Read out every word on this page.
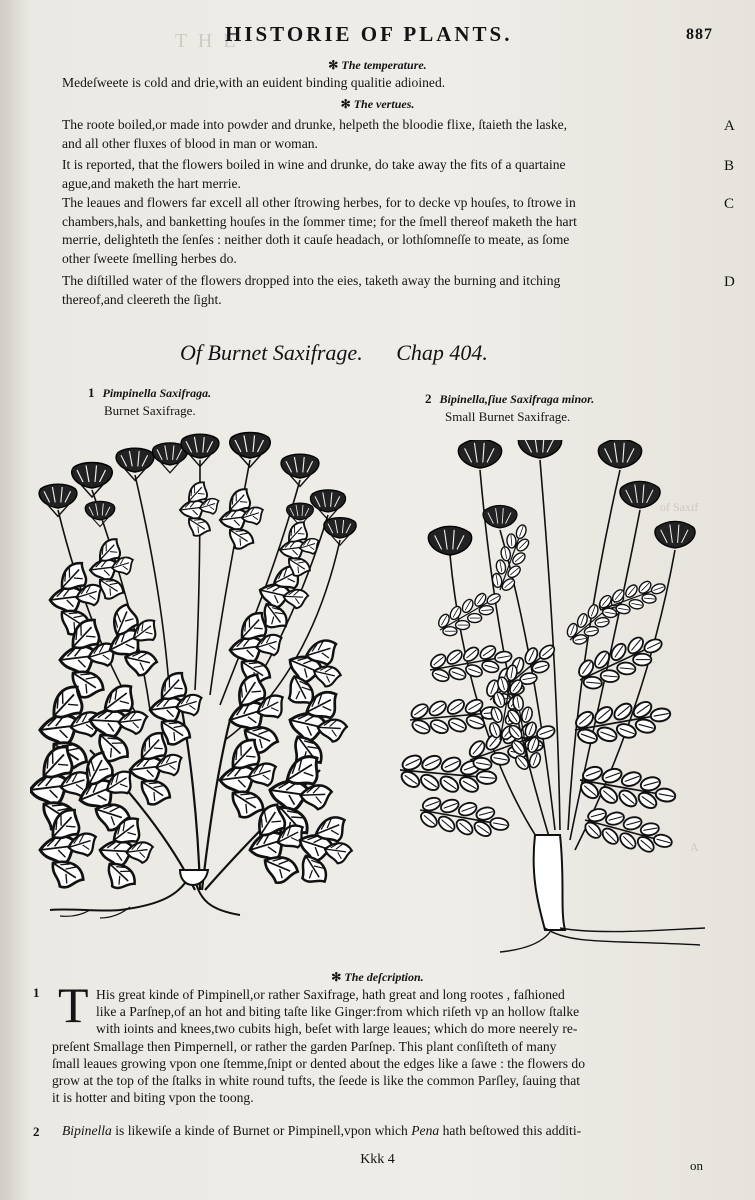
T H E
of Saxif
A
HISTORIE OF PLANTS.	887
✻ The temperature.
Medeſweete is cold and drie,with an euident binding qualitie adioined.
✻ The vertues.
The roote boiled,or made into powder and drunke, helpeth the bloodie flixe, ſtaieth the laske,
and all other fluxes of blood in man or woman.
A
It is reported, that the flowers boiled in wine and drunke, do take away the fits of a quartaine
ague,and maketh the hart merrie.
B
The leaues and flowers far excell all other ſtrowing herbes, for to decke vp houſes, to ſtrowe in
chambers,hals, and banketting houſes in the ſommer time; for the ſmell thereof maketh the hart
merrie, delighteth the ſenſes : neither doth it cauſe headach, or lothſomneſſe to meate, as ſome
other ſweete ſmelling herbes do.
C
The diſtilled water of the flowers dropped into the eies, taketh away the burning and itching
thereof,and cleereth the ſight.
D
Of Burnet Saxifrage. Chap 404.
1 Pimpinella Saxifraga.
Burnet Saxifrage.
2 Bipinella,ſiue Saxifraga minor.
Small Burnet Saxifrage.
✻ The deſcription.
1 T His great kinde of Pimpinell,or rather Saxifrage, hath great and long rootes , faſhioned
like a Parſnep,of an hot and biting taſte like Ginger:from which riſeth vp an hollow ſtalke
with ioints and knees,two cubits high, beſet with large leaues; which do more neerely re-
preſent Smallage then Pimpernell, or rather the garden Parſnep. This plant conſiſteth of many
ſmall leaues growing vpon one ſtemme,ſnipt or dented about the edges like a ſawe : the flowers do
grow at the top of the ſtalks in white round tufts, the ſeede is like the common Parſley, ſauing that
it is hotter and biting vpon the toong.
2 Bipinella is likewiſe a kinde of Burnet or Pimpinell,vpon which Pena hath beſtowed this additi-
Kkk 4	on
